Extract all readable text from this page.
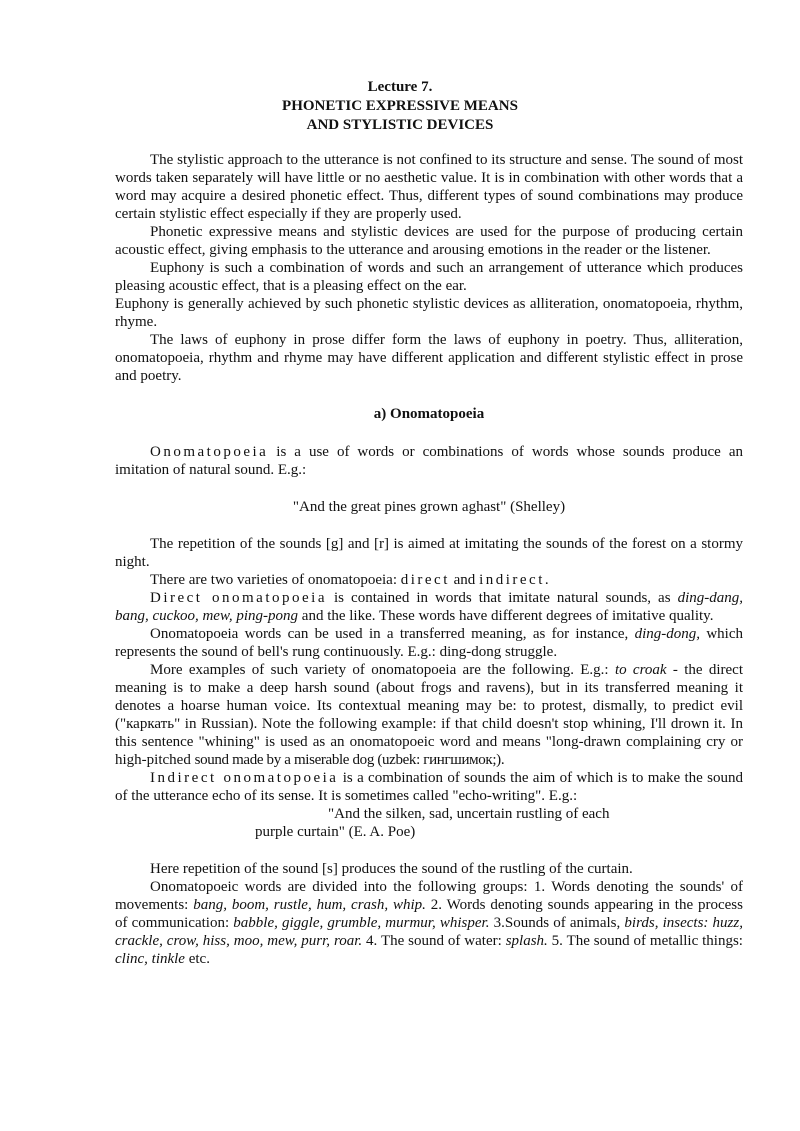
Lecture 7.
PHONETIC EXPRESSIVE MEANS
AND STYLISTIC DEVICES

The stylistic approach to the utterance is not confined to its structure and sense. The sound of most words taken separately will have little or no aesthetic value. It is in combination with other words that a word may acquire a desired phonetic effect. Thus, different types of sound combinations may produce certain stylistic effect especially if they are properly used.

Phonetic expressive means and stylistic devices are used for the purpose of producing certain acoustic effect, giving emphasis to the utterance and arousing emotions in the reader or the listener.

Euphony is such a combination of words and such an arrangement of utterance which produces pleasing acoustic effect, that is a pleasing effect on the ear.

Euphony is generally achieved by such phonetic stylistic devices as alliteration, onomatopoeia, rhythm, rhyme.

The laws of euphony in prose differ form the laws of euphony in poetry. Thus, alliteration, onomatopoeia, rhythm and rhyme may have different application and different stylistic effect in prose and poetry.

a) Onomatopoeia

Onomatopoeia is a use of words or combinations of words whose sounds produce an imitation of natural sound. E.g.:

"And the great pines grown aghast" (Shelley)

The repetition of the sounds [g] and [r] is aimed at imitating the sounds of the forest on a stormy night.

There are two varieties of onomatopoeia: direct and indirect.

Direct onomatopoeia is contained in words that imitate natural sounds, as ding-dang, bang, cuckoo, mew, ping-pong and the like. These words have different degrees of imitative quality.

Onomatopoeia words can be used in a transferred meaning, as for instance, ding-dong, which represents the sound of bell's rung continuously. E.g.: ding-dong struggle.

More examples of such variety of onomatopoeia are the following. E.g.: to croak - the direct meaning is to make a deep harsh sound (about frogs and ravens), but in its transferred meaning it denotes a hoarse human voice. Its contextual meaning may be: to protest, dismally, to predict evil ("каркать" in Russian). Note the following example: if that child doesn't stop whining, I'll drown it. In this sentence "whining" is used as an onomatopoeic word and means "long-drawn complaining cry or high-pitched sound made by a miserable dog (uzbek: гингшимок;).

Indirect onomatopoeia is a combination of sounds the aim of which is to make the sound of the utterance echo of its sense. It is sometimes called "echo-writing". E.g.:

"And the silken, sad, uncertain rustling of each

purple curtain" (E. A. Poe)

Here repetition of the sound [s] produces the sound of the rustling of the curtain.

Onomatopoeic words are divided into the following groups: 1. Words denoting the sounds' of movements: bang, boom, rustle, hum, crash, whip. 2. Words denoting sounds appearing in the process of communication: babble, giggle, grumble, murmur, whisper. 3.Sounds of animals, birds, insects: huzz, crackle, crow, hiss, moo, mew, purr, roar. 4. The sound of water: splash. 5. The sound of metallic things: clinc, tinkle etc.
